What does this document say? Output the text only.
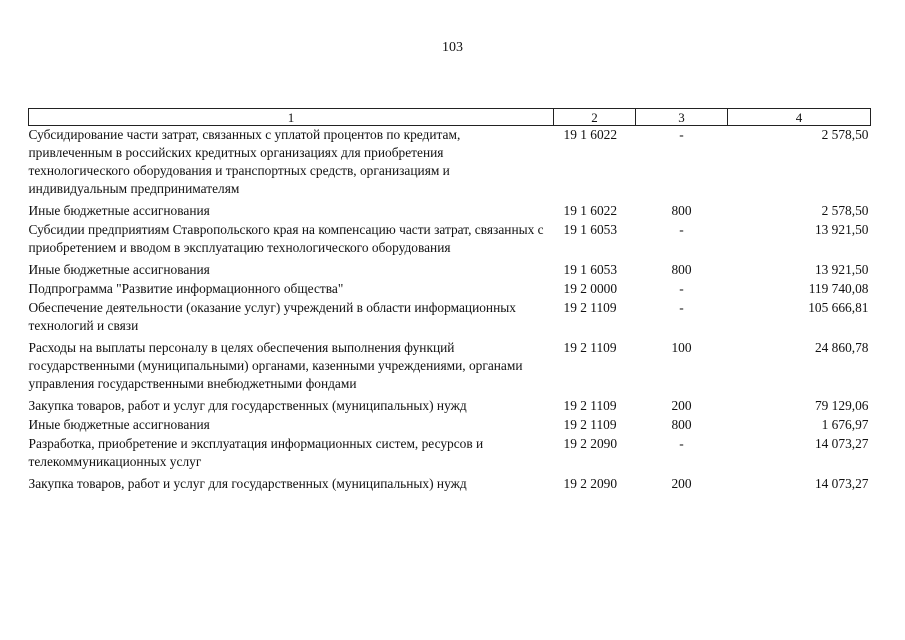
103
1	2	3	4
Субсидирование части затрат, связанных с уплатой процентов по кредитам, привлеченным в российских кредитных организациях для приобретения технологического оборудования и транспортных средств, организациям и индивидуальным предпринимателям	19 1 6022	-	2 578,50
Иные бюджетные ассигнования	19 1 6022	800	2 578,50
Субсидии предприятиям Ставропольского края на компенсацию части затрат, связанных с приобретением и вводом в эксплуатацию технологического оборудования	19 1 6053	-	13 921,50
Иные бюджетные ассигнования	19 1 6053	800	13 921,50
Подпрограмма "Развитие информационного общества"	19 2 0000	-	119 740,08
Обеспечение деятельности (оказание услуг) учреждений в области информационных технологий и связи	19 2 1109	-	105 666,81
Расходы на выплаты персоналу в целях обеспечения выполнения функций государственными (муниципальными) органами, казенными учреждениями, органами управления государственными внебюджетными фондами	19 2 1109	100	24 860,78
Закупка товаров, работ и услуг для государственных (муниципальных) нужд	19 2 1109	200	79 129,06
Иные бюджетные ассигнования	19 2 1109	800	1 676,97
Разработка, приобретение и эксплуатация информационных систем, ресурсов и телекоммуникационных услуг	19 2 2090	-	14 073,27
Закупка товаров, работ и услуг для государственных (муниципальных) нужд	19 2 2090	200	14 073,27
